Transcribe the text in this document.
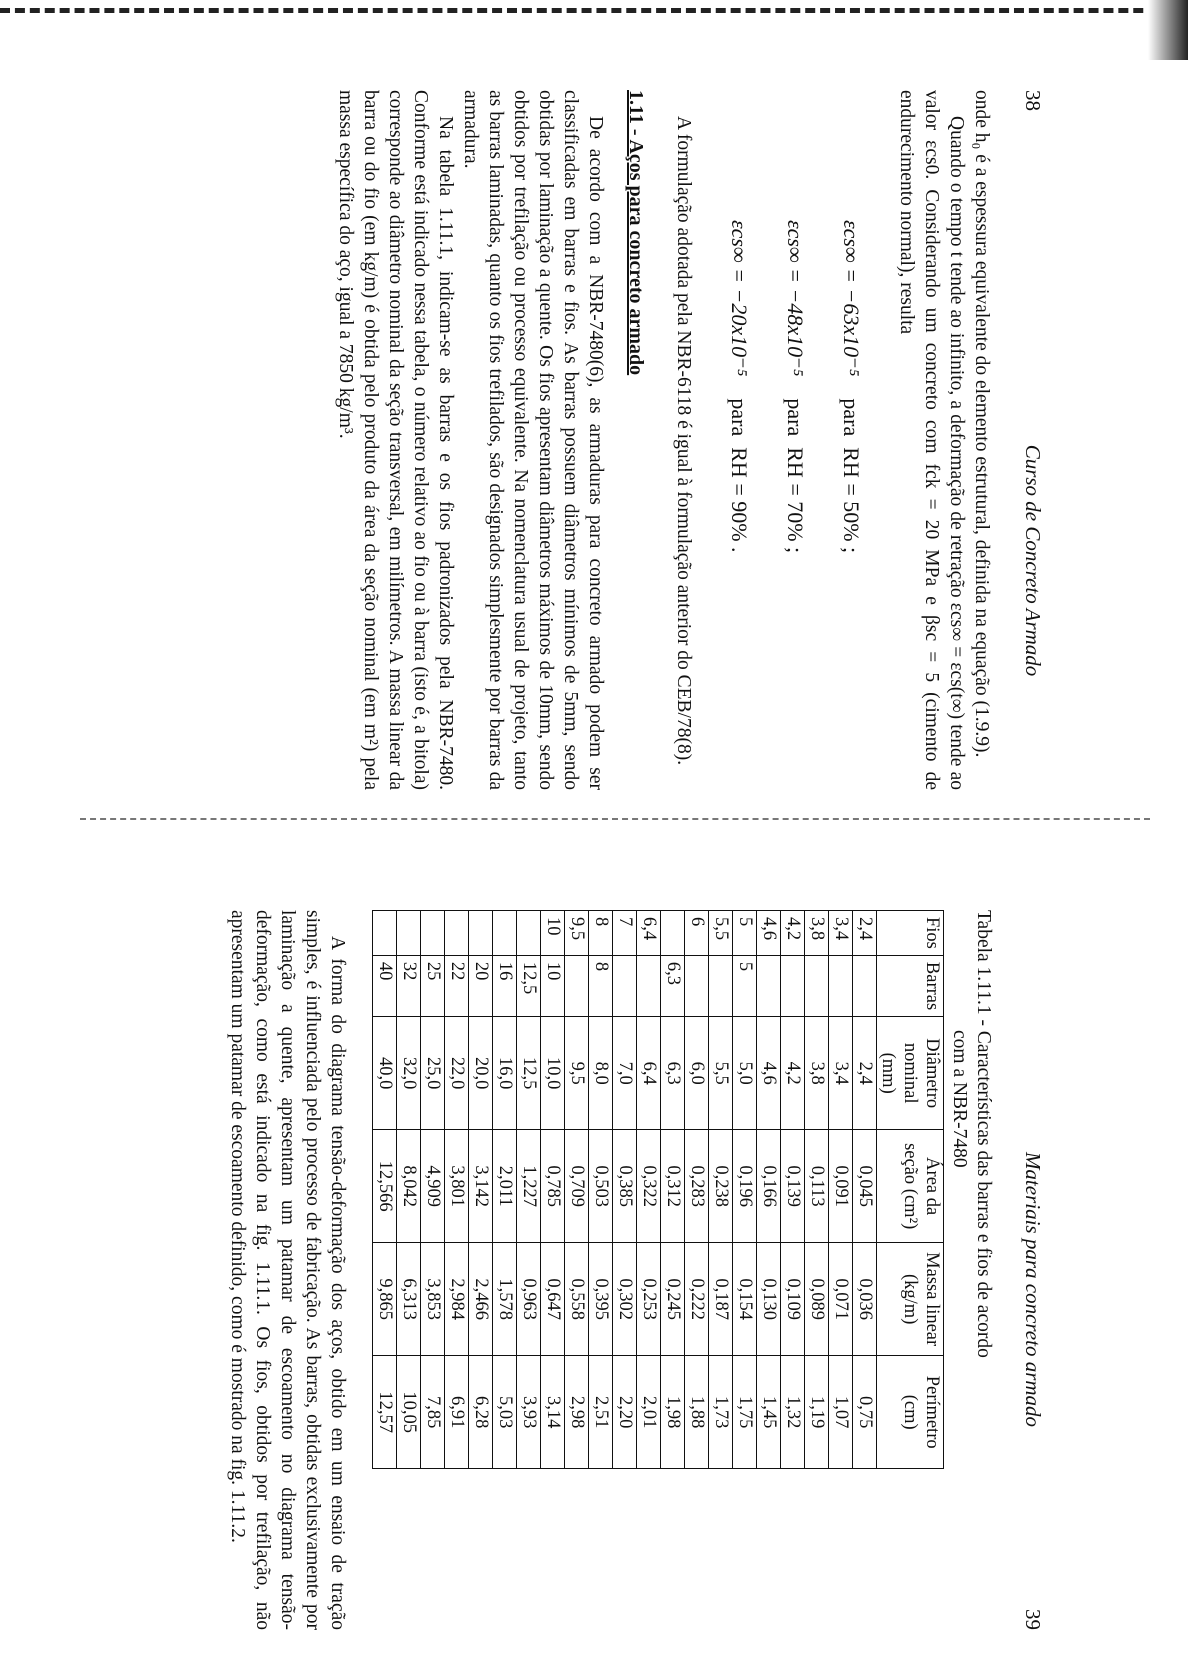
38
Curso de Concreto Armado

onde h₀ é a espessura equivalente do elemento estrutural, definida na equação (1.9.9).

Quando o tempo t tende ao infinito, a deformação de retração εcs∞ = εcs(t∞) tende ao valor εcs0. Considerando um concreto com fck = 20 MPa e βsc = 5 (cimento de endurecimento normal), resulta

εcs∞ = −63x10⁻⁵    para  RH = 50% ;
εcs∞ = −48x10⁻⁵    para  RH = 70% ;
εcs∞ = −20x10⁻⁵    para  RH = 90% .

A formulação adotada pela NBR-6118 é igual à formulação anterior do CEB/78(8).

1.11 - Aços para concreto armado

De acordo com a NBR-7480(6), as armaduras para concreto armado podem ser classificadas em barras e fios. As barras possuem diâmetros mínimos de 5mm, sendo obtidas por laminação a quente. Os fios apresentam diâmetros máximos de 10mm, sendo obtidos por trefilação ou processo equivalente. Na nomenclatura usual de projeto, tanto as barras laminadas, quanto os fios trefilados, são designados simplesmente por barras da armadura.

Na tabela 1.11.1, indicam-se as barras e os fios padronizados pela NBR-7480. Conforme está indicado nessa tabela, o número relativo ao fio ou à barra (isto é, a bitola) corresponde ao diâmetro nominal da seção transversal, em milímetros. A massa linear da barra ou do fio (em kg/m) é obtida pelo produto da área da seção nominal (em m²) pela massa específica do aço, igual a 7850 kg/m³.

Materiais para concreto armado
39
Tabela 1.11.1 - Características das barras e fios de acordo
com a NBR-7480
Fios	Barras	Diâmetro nominal (mm)	Área da seção (cm²)	Massa linear (kg/m)	Perímetro (cm)
2,4		2,4	0,045	0,036	0,75
3,4		3,4	0,091	0,071	1,07
3,8		3,8	0,113	0,089	1,19
4,2		4,2	0,139	0,109	1,32
4,6		4,6	0,166	0,130	1,45
5	5	5,0	0,196	0,154	1,75
5,5		5,5	0,238	0,187	1,73
6		6,0	0,283	0,222	1,88
	6,3	6,3	0,312	0,245	1,98
6,4		6,4	0,322	0,253	2,01
7		7,0	0,385	0,302	2,20
8	8	8,0	0,503	0,395	2,51
9,5		9,5	0,709	0,558	2,98
10	10	10,0	0,785	0,647	3,14
	12,5	12,5	1,227	0,963	3,93
	16	16,0	2,011	1,578	5,03
	20	20,0	3,142	2,466	6,28
	22	22,0	3,801	2,984	6,91
	25	25,0	4,909	3,853	7,85
	32	32,0	8,042	6,313	10,05
	40	40,0	12,566	9,865	12,57

A forma do diagrama tensão-deformação dos aços, obtido em um ensaio de tração simples, é influenciada pelo processo de fabricação. As barras, obtidas exclusivamente por laminação a quente, apresentam um patamar de escoamento no diagrama tensão-deformação, como está indicado na fig. 1.11.1. Os fios, obtidos por trefilação, não apresentam um patamar de escoamento definido, como é mostrado na fig. 1.11.2.
